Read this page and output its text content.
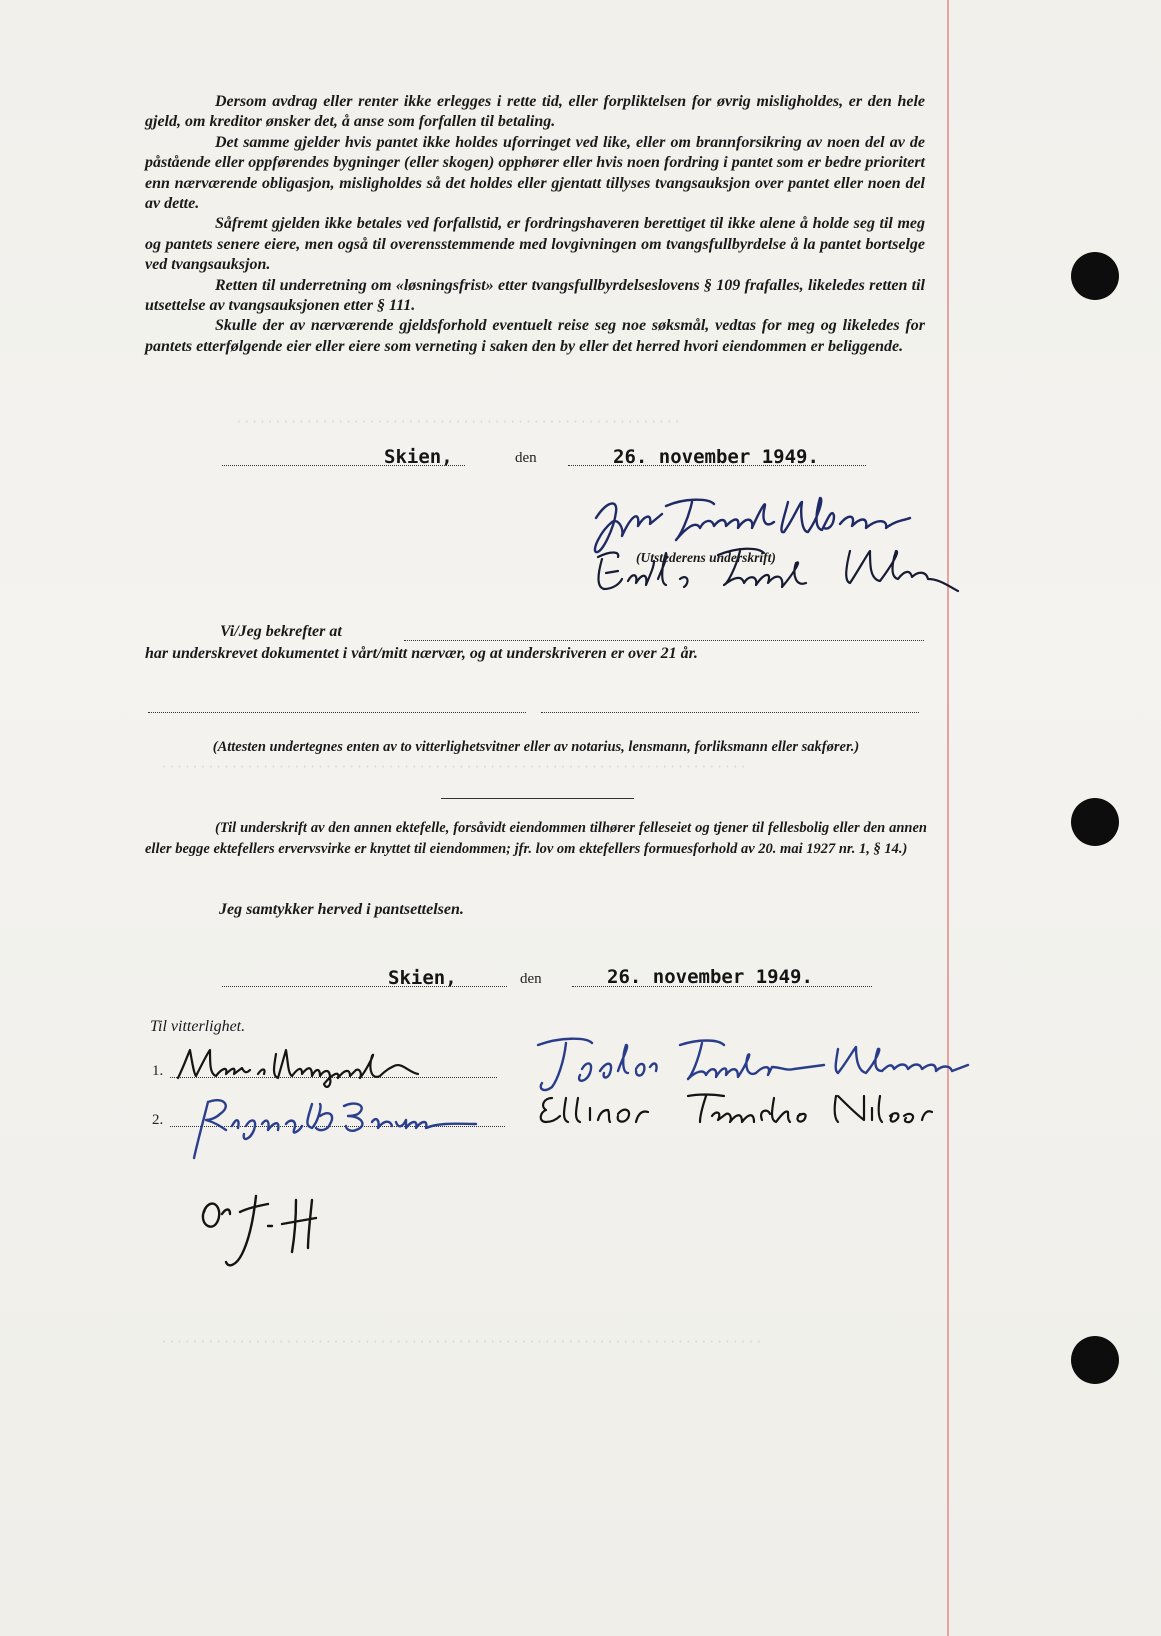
·························································
···········································································
·············································································

Dersom avdrag eller renter ikke erlegges i rette tid, eller forpliktelsen for øvrig misligholdes, er den hele gjeld, om kreditor ønsker det, å anse som forfallen til betaling.

Det samme gjelder hvis pantet ikke holdes uforringet ved like, eller om brannforsikring av noen del av de påstående eller oppførendes bygninger (eller skogen) opphører eller hvis noen fordring i pantet som er bedre prioritert enn nærværende obligasjon, misligholdes så det holdes eller gjentatt tillyses tvangsauksjon over pantet eller noen del av dette.

Såfremt gjelden ikke betales ved forfallstid, er fordringshaveren berettiget til ikke alene å holde seg til meg og pantets senere eiere, men også til overensstemmende med lovgivningen om tvangsfullbyrdelse å la pantet bortselge ved tvangsauksjon.

Retten til underretning om «løsningsfrist» etter tvangsfullbyrdelseslovens § 109 frafalles, likeledes retten til utsettelse av tvangsauksjonen etter § 111.

Skulle der av nærværende gjeldsforhold eventuelt reise seg noe søksmål, vedtas for meg og likeledes for pantets etterfølgende eier eller eiere som verneting i saken den by eller det herred hvori eiendommen er beliggende.

Skien,	den	26. november 1949.
(Utstederens underskrift)
Vi/Jeg bekrefter at
har underskrevet dokumentet i vårt/mitt nærvær, og at underskriveren er over 21 år.
(Attesten undertegnes enten av to vitterlighetsvitner eller av notarius, lensmann, forliksmann eller sakfører.)
(Til underskrift av den annen ektefelle, forsåvidt eiendommen tilhører felleseiet og tjener til fellesbolig eller den annen eller begge ektefellers ervervsvirke er knyttet til eiendommen; jfr. lov om ektefellers formuesforhold av 20. mai 1927 nr. 1, § 14.)
Jeg samtykker herved i pantsettelsen.
Skien,	den	26. november 1949.
Til vitterlighet.
1.
2.
